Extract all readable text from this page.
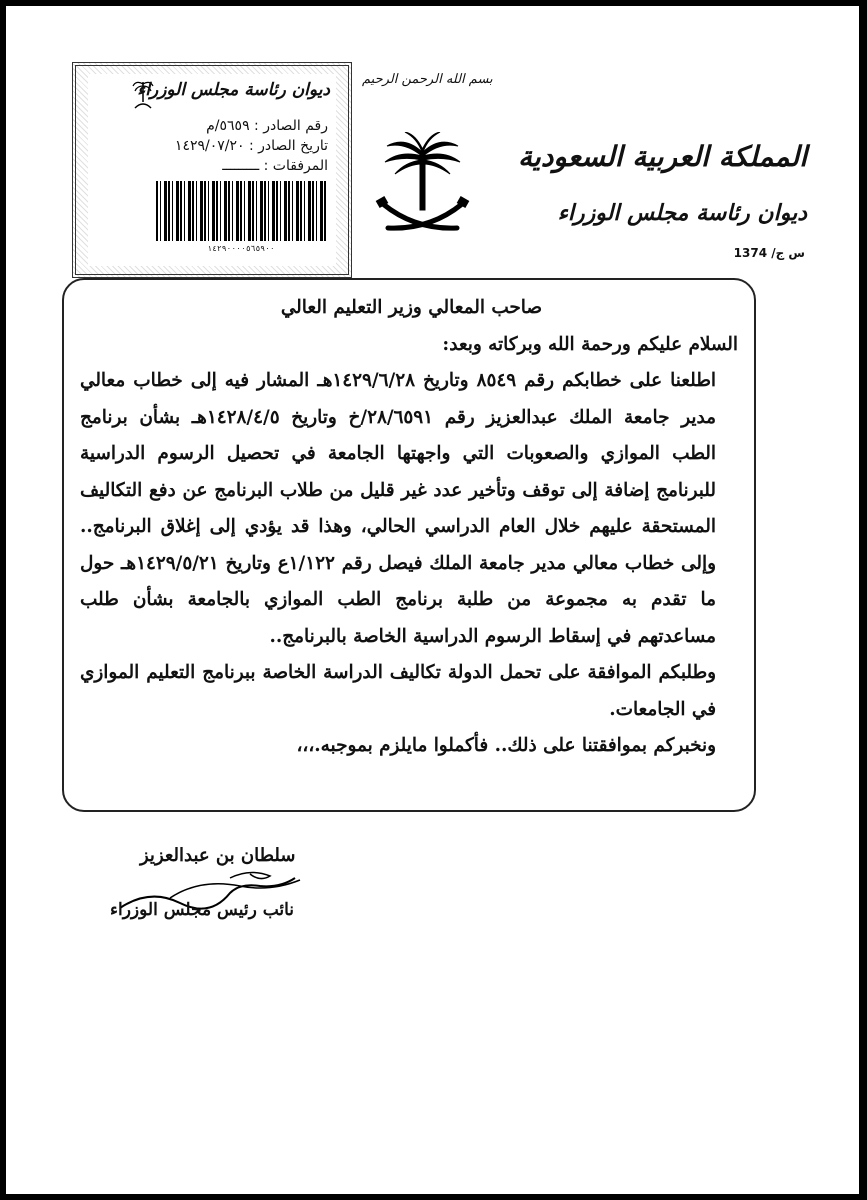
ديوان رئاسة مجلس الوزراء
رقم الصادر : ٥٦٥٩/م
تاريخ الصادر : ١٤٢٩/٠٧/٢٠
المرفقات : ـــــــــ
١٤٢٩٠٠٠٠٥٦٥٩٠٠
بسم الله الرحمن الرحيم
المملكة العربية السعودية
ديوان رئاسة مجلس الوزراء
س ج/ 1374

صاحب المعالي وزير التعليم العالي

السلام عليكم ورحمة الله وبركاته وبعد:

اطلعنا على خطابكم رقم ٨٥٤٩ وتاريخ ١٤٢٩/٦/٢٨هـ المشار فيه إلى خطاب معالي مدير جامعة الملك عبدالعزيز رقم ٢٨/٦٥٩١/خ وتاريخ ١٤٢٨/٤/٥هـ بشأن برنامج الطب الموازي والصعوبات التي واجهتها الجامعة في تحصيل الرسوم الدراسية للبرنامج إضافة إلى توقف وتأخير عدد غير قليل من طلاب البرنامج عن دفع التكاليف المستحقة عليهم خلال العام الدراسي الحالي، وهذا قد يؤدي إلى إغلاق البرنامج.. وإلى خطاب معالي مدير جامعة الملك فيصل رقم ١/١٢٢ع وتاريخ ١٤٢٩/٥/٢١هـ حول ما تقدم به مجموعة من طلبة برنامج الطب الموازي بالجامعة بشأن طلب مساعدتهم في إسقاط الرسوم الدراسية الخاصة بالبرنامج..

وطلبكم الموافقة على تحمل الدولة تكاليف الدراسة الخاصة ببرنامج التعليم الموازي في الجامعات.

ونخبركم بموافقتنا على ذلك.. فأكملوا مايلزم بموجبه.،،،

سلطان بن عبدالعزيز
نائب رئيس مجلس الوزراء
